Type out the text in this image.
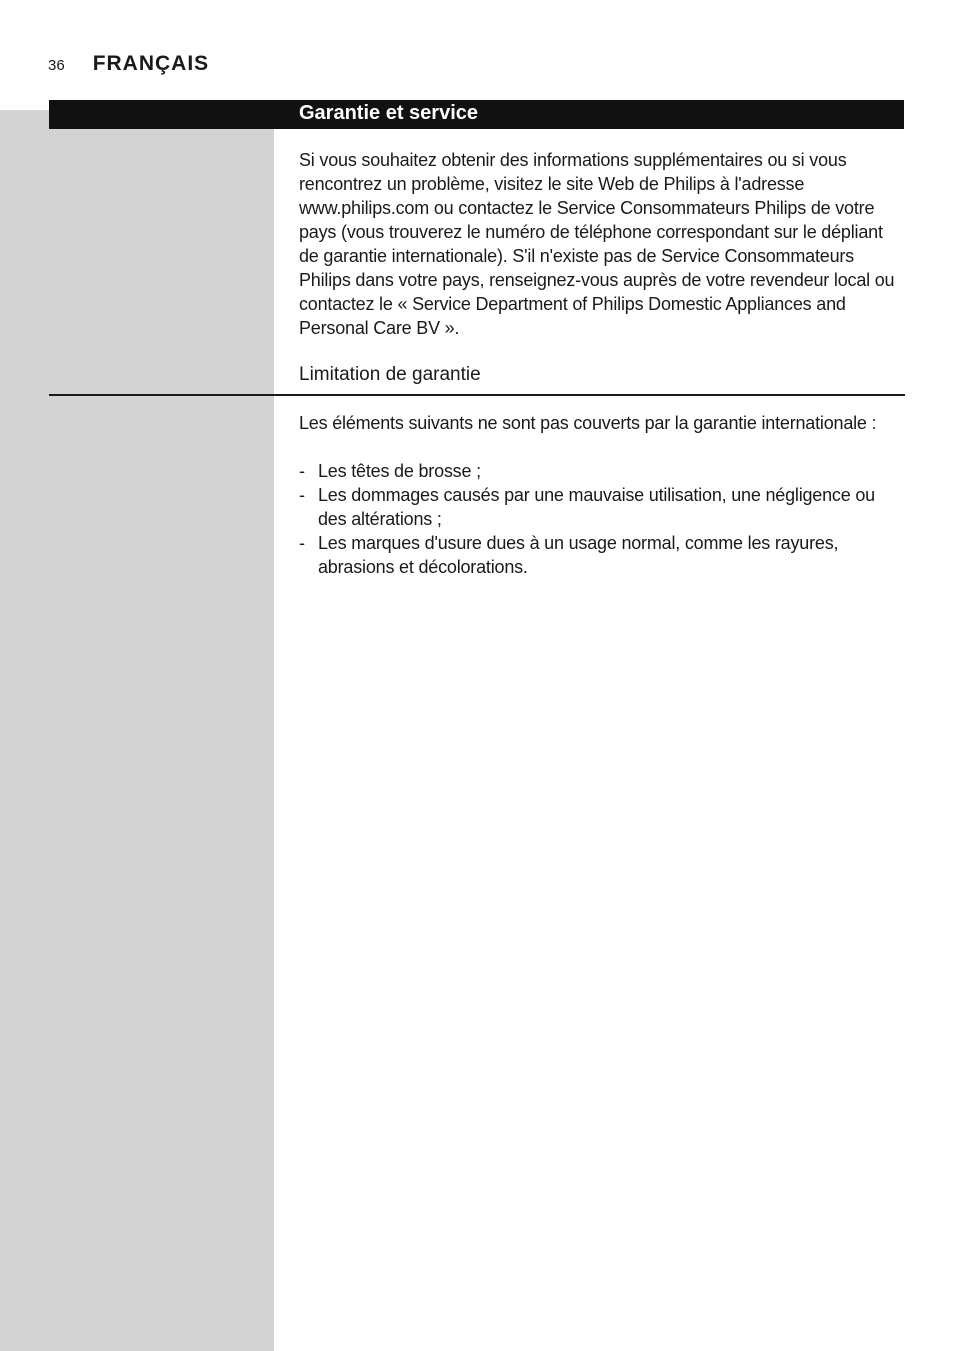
36 FRANÇAIS
Garantie et service

Si vous souhaitez obtenir des informations supplémentaires ou si vous rencontrez un problème, visitez le site Web de Philips à l'adresse www.philips.com ou contactez le Service Consommateurs Philips de votre pays (vous trouverez le numéro de téléphone correspondant sur le dépliant de garantie internationale). S'il n'existe pas de Service Consommateurs Philips dans votre pays, renseignez-vous auprès de votre revendeur local ou contactez le « Service Department of Philips Domestic Appliances and Personal Care BV ».

Limitation de garantie

Les éléments suivants ne sont pas couverts par la garantie internationale :

- Les têtes de brosse ;
- Les dommages causés par une mauvaise utilisation, une négligence ou des altérations ;
- Les marques d'usure dues à un usage normal, comme les rayures, abrasions et décolorations.
